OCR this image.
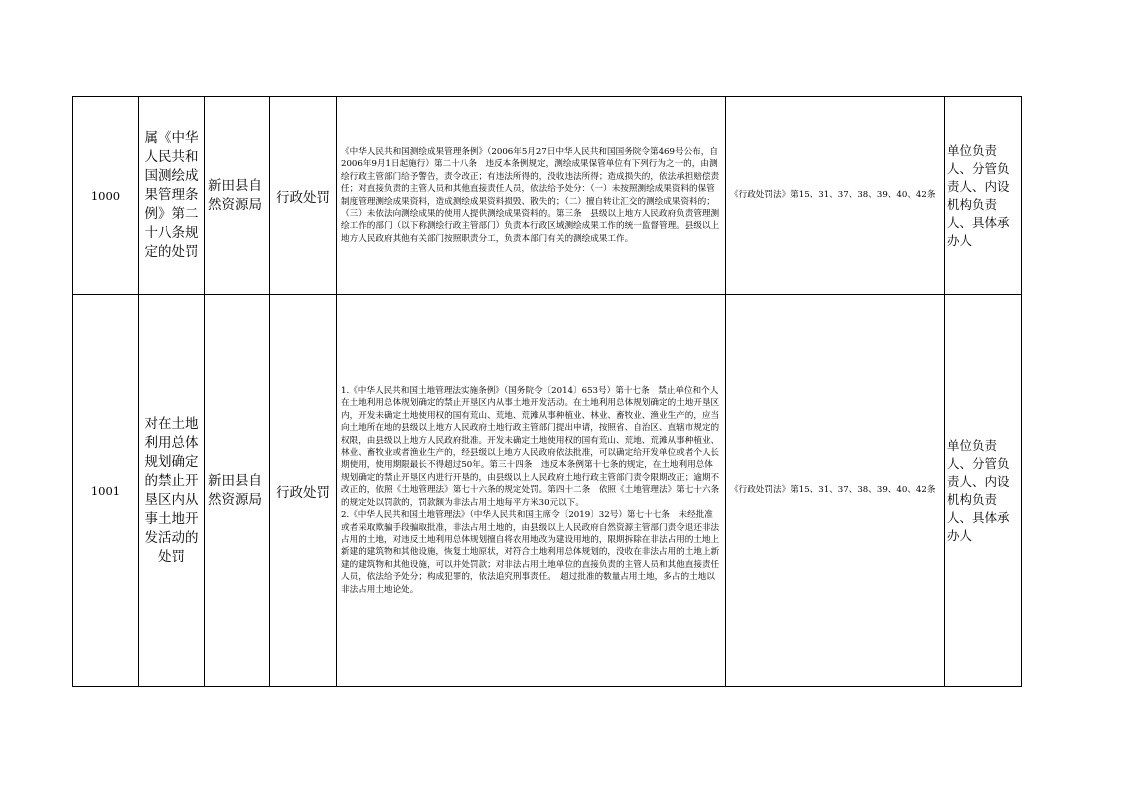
1000	属《中华人民共和国测绘成果管理条例》第二十八条规定的处罚	新田县自然资源局	行政处罚	《中华人民共和国测绘成果管理条例》（2006年5月27日中华人民共和国国务院令第469号公布，自2006年9月1日起施行）第二十八条　违反本条例规定，测绘成果保管单位有下列行为之一的，由测绘行政主管部门给予警告，责令改正；有违法所得的，没收违法所得；造成损失的，依法承担赔偿责任；对直接负责的主管人员和其他直接责任人员，依法给予处分：（一）未按照测绘成果资料的保管制度管理测绘成果资料，造成测绘成果资料损毁、散失的；（二）擅自转让汇交的测绘成果资料的；（三）未依法向测绘成果的使用人提供测绘成果资料的。第三条　县级以上地方人民政府负责管理测绘工作的部门（以下称测绘行政主管部门）负责本行政区域测绘成果工作的统一监督管理。县级以上地方人民政府其他有关部门按照职责分工，负责本部门有关的测绘成果工作。	《行政处罚法》第15、31、37、38、39、40、42条	单位负责人、分管负责人、内设机构负责人、具体承办人
1001	对在土地利用总体规划确定的禁止开垦区内从事土地开发活动的处罚	新田县自然资源局	行政处罚	1.《中华人民共和国土地管理法实施条例》（国务院令〔2014〕653号）第十七条　禁止单位和个人在土地利用总体规划确定的禁止开垦区内从事土地开发活动。在土地利用总体规划确定的土地开垦区内，开发未确定土地使用权的国有荒山、荒地、荒滩从事种植业、林业、畜牧业、渔业生产的，应当向土地所在地的县级以上地方人民政府土地行政主管部门提出申请，按照省、自治区、直辖市规定的权限，由县级以上地方人民政府批准。开发未确定土地使用权的国有荒山、荒地、荒滩从事种植业、林业、畜牧业或者渔业生产的，经县级以上地方人民政府依法批准，可以确定给开发单位或者个人长期使用，使用期限最长不得超过50年。第三十四条　违反本条例第十七条的规定，在土地利用总体规划确定的禁止开垦区内进行开垦的，由县级以上人民政府土地行政主管部门责令限期改正；逾期不改正的，依照《土地管理法》第七十六条的规定处罚。第四十二条　依照《土地管理法》第七十六条的规定处以罚款的，罚款额为非法占用土地每平方米30元以下。
2.《中华人民共和国土地管理法》（中华人民共和国主席令〔2019〕32号）第七十七条　未经批准或者采取欺骗手段骗取批准，非法占用土地的，由县级以上人民政府自然资源主管部门责令退还非法占用的土地，对违反土地利用总体规划擅自将农用地改为建设用地的，限期拆除在非法占用的土地上新建的建筑物和其他设施，恢复土地原状，对符合土地利用总体规划的，没收在非法占用的土地上新建的建筑物和其他设施，可以并处罚款；对非法占用土地单位的直接负责的主管人员和其他直接责任人员，依法给予处分；构成犯罪的，依法追究刑事责任。　超过批准的数量占用土地，多占的土地以非法占用土地论处。	《行政处罚法》第15、31、37、38、39、40、42条	单位负责人、分管负责人、内设机构负责人、具体承办人
